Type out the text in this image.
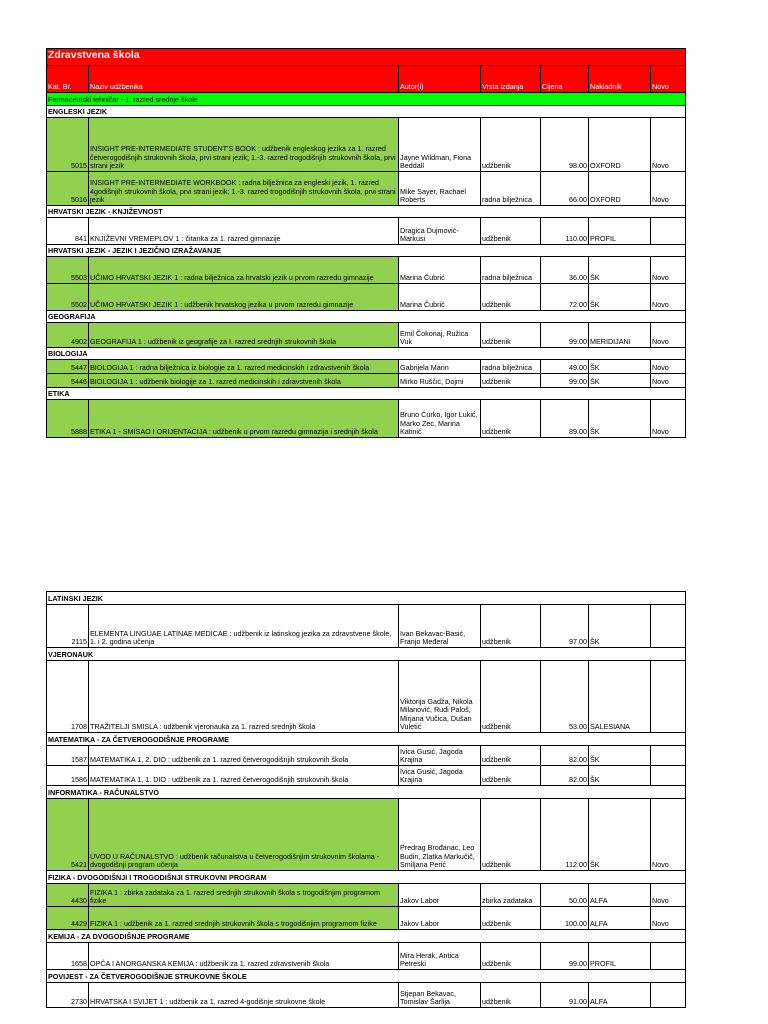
Zdravstvena škola						
Kat. Br.	Naziv udžbenika	Autor(i)	Vrsta izdanja	Cijena	Nakladnik	Novo
Farmaceutski tehničar - 1. razred srednje škole						
ENGLESKI JEZIK						
5015	INSIGHT PRE-INTERMEDIATE STUDENT'S BOOK : udžbenik engleskog jezika za 1. razred četverogodišnjih strukovnih škola, prvi strani jezik; 1.-3. razred trogodišnjih strukovnih škola, prvi strani jezik	Jayne Wildman, Fiona Beddall	udžbenik	98.00	OXFORD	Novo
5016	INSIGHT PRE-INTERMEDIATE WORKBOOK : radna bilježnica za engleski jezik, 1. razred 4godišnjih strukovnih škola, prvi strani jezik; 1.-3. razred trogodišnjih strukovnih škola, prvi strani jezik	Mike Sayer, Rachael Roberts	radna bilježnica	66.00	OXFORD	Novo
HRVATSKI JEZIK - KNJIŽEVNOST						
841	KNJIŽEVNI VREMEPLOV 1 : čitanka za 1. razred gimnazije	Dragica Dujmović-Markusi	udžbenik	110.00	PROFIL	
HRVATSKI JEZIK - JEZIK I JEZIČNO IZRAŽAVANJE						
5503	UČIMO HRVATSKI JEZIK 1 : radna bilježnica za hrvatski jezik u prvom razredu gimnazije	Marina Čubrić	radna bilježnica	36.00	ŠK	Novo
5502	UČIMO HRVATSKI JEZIK 1 : udžbenik hrvatskog jezika u prvom razredu gimnazije	Marina Čubrić	udžbenik	72.00	ŠK	Novo
GEOGRAFIJA						
4902	GEOGRAFIJA 1 : udžbenik iz geografije za I. razred srednjih strukovnih škola	Emil Čokonaj, Ružica Vuk	udžbenik	99.00	MERIDIJANI	Novo
BIOLOGIJA						
5447	BIOLOGIJA 1 : radna bilježnica iz biologije za 1. razred medicinskih i zdravstvenih škola	Gabrijela Marin	radna bilježnica	49.00	ŠK	Novo
5446	BIOLOGIJA 1 : udžbenik biologije za 1. razred medicinskih i zdravstvenih škola	Mirko Ruščić, Dojmi	udžbenik	99.00	ŠK	Novo
ETIKA						
5888	ETIKA 1 - SMISAO I ORIJENTACIJA : udžbenik u prvom razredu gimnazija i srednjih škola	Bruno Ćurko, Igor Lukić, Marko Zec, Marina Katinić	udžbenik	89.00	ŠK	Novo
LATINSKI JEZIK						
2115	ELEMENTA LINGUAE LATINAE MEDICAE : udžbenik iz latinskog jezika za zdravstvene škole, 1. i 2. godina učenja	Ivan Bekavac-Basić, Franjo Međeral	udžbenik	97.00	ŠK	
VJERONAUK						
1708	TRAŽITELJI SMISLA : udžbenik vjeronauka za 1. razred srednjih škola	Viktorija Gadža, Nikola Milanović, Rudi Paloš, Mirjana Vučica, Dušan Vuletić	udžbenik	53.00	SALESIANA	
MATEMATIKA - ZA ČETVEROGODIŠNJE PROGRAME						
1587	MATEMATIKA 1, 2. DIO : udžbenik za 1. razred četverogodišnjih strukovnih škola	Ivica Gusić, Jagoda Krajina	udžbenik	82.00	ŠK	
1586	MATEMATIKA 1, 1. DIO : udžbenik za 1. razred četverogodišnjih strukovnih škola	Ivica Gusić, Jagoda Krajina	udžbenik	82.00	ŠK	
INFORMATIKA - RAČUNALSTVO						
5421	UVOD U RAČUNALSTVO : udžbenik računalstva u četverogodišnjim strukovnim školama - dvogodišnji program učenja	Predrag Brođanac, Leo Budin, Zlatka Markučič, Smiljana Perić	udžbenik	112.00	ŠK	Novo
FIZIKA - DVOGODIŠNJI I TROGODIŠNJI STRUKOVNI PROGRAM						
4430	FIZIKA 1 : zbirka zadataka za 1. razred srednjih strukovnih škola s trogodišnjim programom fizike	Jakov Labor	zbirka zadataka	50.00	ALFA	Novo
4429	FIZIKA 1 : udžbenik za 1. razred srednjih strukovnih škola s trogodišnjim programom fizike	Jakov Labor	udžbenik	100.00	ALFA	Novo
KEMIJA - ZA DVOGODIŠNJE PROGRAME						
1658	OPĆA I ANORGANSKA KEMIJA : udžbenik za 1. razred zdravstvenih škola	Mira Herak, Antica Petreski	udžbenik	99.00	PROFIL	
POVIJEST - ZA ČETVEROGODIŠNJE STRUKOVNE ŠKOLE						
2730	HRVATSKA I SVIJET 1 : udžbenik za 1. razred 4-godišnje strukovne škole	Stjepan Bekavac, Tomislav Šarlija	udžbenik	91.00	ALFA	
